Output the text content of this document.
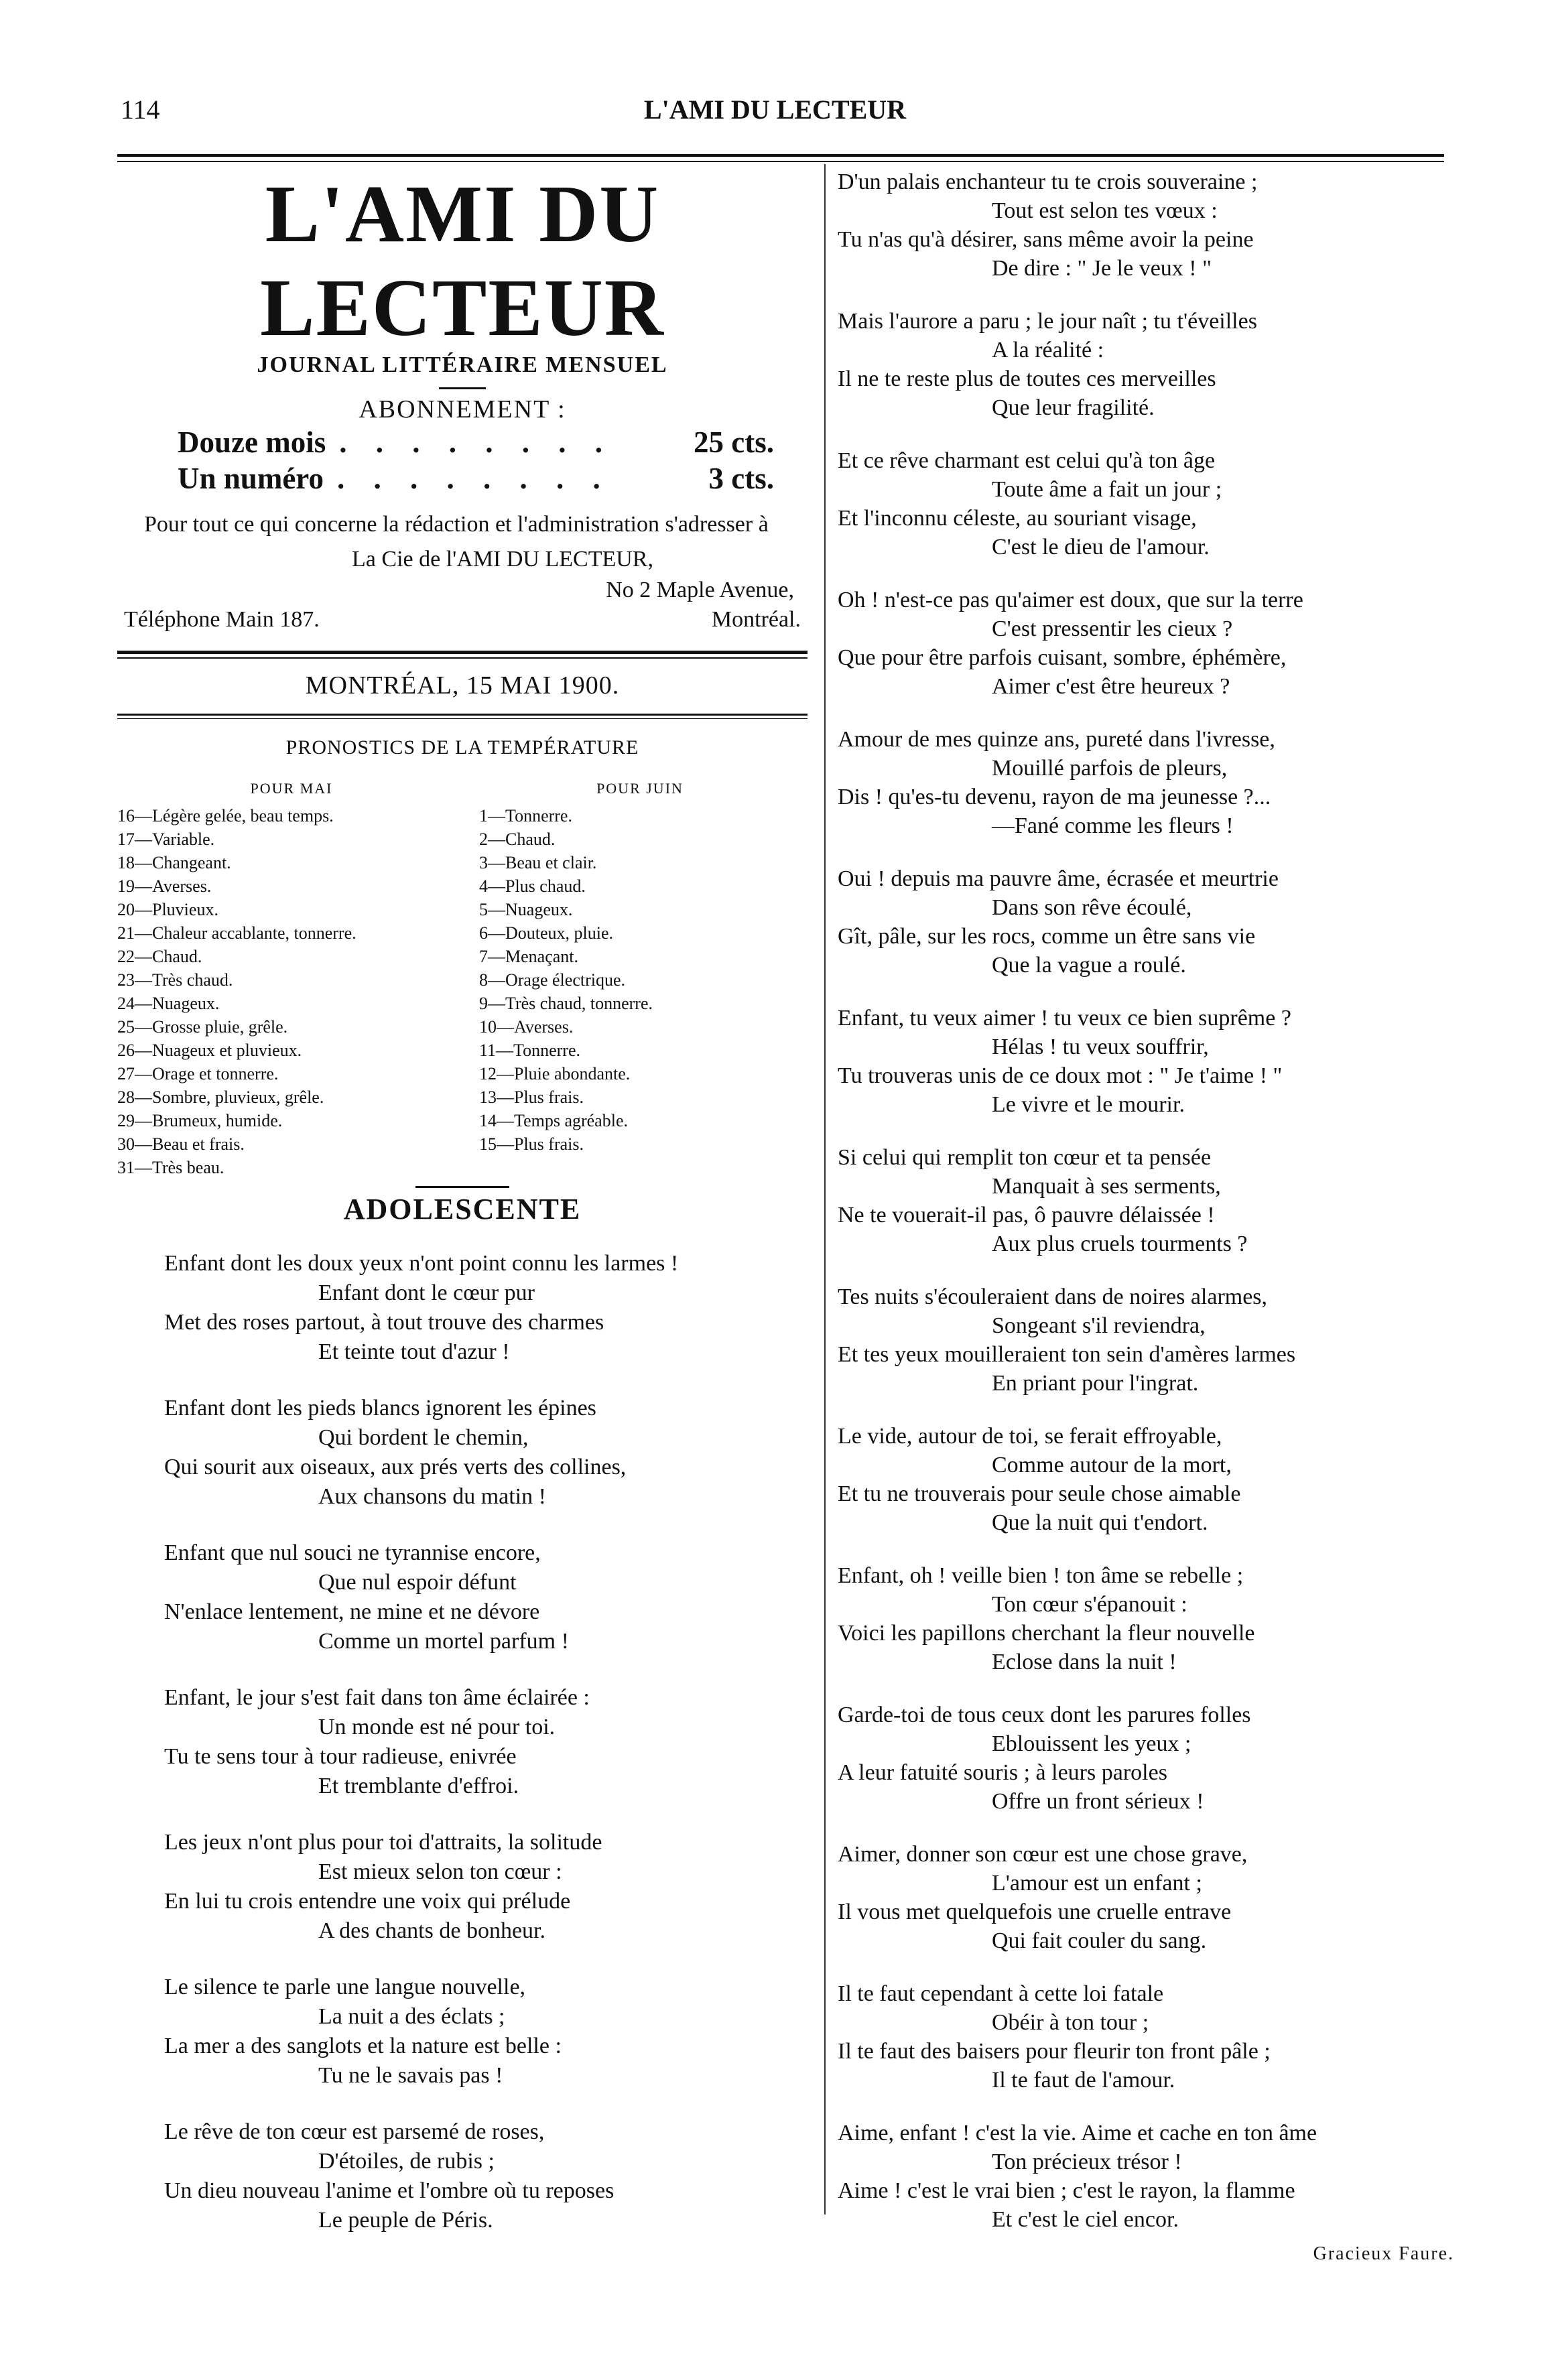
114	L'AMI DU LECTEUR
L'AMI DU LECTEUR
JOURNAL LITTÉRAIRE MENSUEL
ABONNEMENT :
Douze mois . . . . . . . .	25 cts.
Un numéro . . . . . . . .	3 cts.
Pour tout ce qui concerne la rédaction et l'administration s'adresser à
La Cie de l'AMI DU LECTEUR,
No 2 Maple Avenue,
Téléphone Main 187.	Montréal.
MONTRÉAL, 15 MAI 1900.
PRONOSTICS DE LA TEMPÉRATURE
POUR MAI
16—Légère gelée, beau temps.
17—Variable.
18—Changeant.
19—Averses.
20—Pluvieux.
21—Chaleur accablante, tonnerre.
22—Chaud.
23—Très chaud.
24—Nuageux.
25—Grosse pluie, grêle.
26—Nuageux et pluvieux.
27—Orage et tonnerre.
28—Sombre, pluvieux, grêle.
29—Brumeux, humide.
30—Beau et frais.
31—Très beau.
POUR JUIN
1—Tonnerre.
2—Chaud.
3—Beau et clair.
4—Plus chaud.
5—Nuageux.
6—Douteux, pluie.
7—Menaçant.
8—Orage électrique.
9—Très chaud, tonnerre.
10—Averses.
11—Tonnerre.
12—Pluie abondante.
13—Plus frais.
14—Temps agréable.
15—Plus frais.
ADOLESCENTE
Enfant dont les doux yeux n'ont point connu les larmes !
Enfant dont le cœur pur
Met des roses partout, à tout trouve des charmes
Et teinte tout d'azur !
Enfant dont les pieds blancs ignorent les épines
Qui bordent le chemin,
Qui sourit aux oiseaux, aux prés verts des collines,
Aux chansons du matin !
Enfant que nul souci ne tyrannise encore,
Que nul espoir défunt
N'enlace lentement, ne mine et ne dévore
Comme un mortel parfum !
Enfant, le jour s'est fait dans ton âme éclairée :
Un monde est né pour toi.
Tu te sens tour à tour radieuse, enivrée
Et tremblante d'effroi.
Les jeux n'ont plus pour toi d'attraits, la solitude
Est mieux selon ton cœur :
En lui tu crois entendre une voix qui prélude
A des chants de bonheur.
Le silence te parle une langue nouvelle,
La nuit a des éclats ;
La mer a des sanglots et la nature est belle :
Tu ne le savais pas !
Le rêve de ton cœur est parsemé de roses,
D'étoiles, de rubis ;
Un dieu nouveau l'anime et l'ombre où tu reposes
Le peuple de Péris.
D'un palais enchanteur tu te crois souveraine ;
Tout est selon tes vœux :
Tu n'as qu'à désirer, sans même avoir la peine
De dire : " Je le veux ! "
Mais l'aurore a paru ; le jour naît ; tu t'éveilles
A la réalité :
Il ne te reste plus de toutes ces merveilles
Que leur fragilité.
Et ce rêve charmant est celui qu'à ton âge
Toute âme a fait un jour ;
Et l'inconnu céleste, au souriant visage,
C'est le dieu de l'amour.
Oh ! n'est-ce pas qu'aimer est doux, que sur la terre
C'est pressentir les cieux ?
Que pour être parfois cuisant, sombre, éphémère,
Aimer c'est être heureux ?
Amour de mes quinze ans, pureté dans l'ivresse,
Mouillé parfois de pleurs,
Dis ! qu'es-tu devenu, rayon de ma jeunesse ?...
—Fané comme les fleurs !
Oui ! depuis ma pauvre âme, écrasée et meurtrie
Dans son rêve écoulé,
Gît, pâle, sur les rocs, comme un être sans vie
Que la vague a roulé.
Enfant, tu veux aimer ! tu veux ce bien suprême ?
Hélas ! tu veux souffrir,
Tu trouveras unis de ce doux mot : " Je t'aime ! "
Le vivre et le mourir.
Si celui qui remplit ton cœur et ta pensée
Manquait à ses serments,
Ne te vouerait-il pas, ô pauvre délaissée !
Aux plus cruels tourments ?
Tes nuits s'écouleraient dans de noires alarmes,
Songeant s'il reviendra,
Et tes yeux mouilleraient ton sein d'amères larmes
En priant pour l'ingrat.
Le vide, autour de toi, se ferait effroyable,
Comme autour de la mort,
Et tu ne trouverais pour seule chose aimable
Que la nuit qui t'endort.
Enfant, oh ! veille bien ! ton âme se rebelle ;
Ton cœur s'épanouit :
Voici les papillons cherchant la fleur nouvelle
Eclose dans la nuit !
Garde-toi de tous ceux dont les parures folles
Eblouissent les yeux ;
A leur fatuité souris ; à leurs paroles
Offre un front sérieux !
Aimer, donner son cœur est une chose grave,
L'amour est un enfant ;
Il vous met quelquefois une cruelle entrave
Qui fait couler du sang.
Il te faut cependant à cette loi fatale
Obéir à ton tour ;
Il te faut des baisers pour fleurir ton front pâle ;
Il te faut de l'amour.
Aime, enfant ! c'est la vie. Aime et cache en ton âme
Ton précieux trésor !
Aime ! c'est le vrai bien ; c'est le rayon, la flamme
Et c'est le ciel encor.
Gracieux Faure.
